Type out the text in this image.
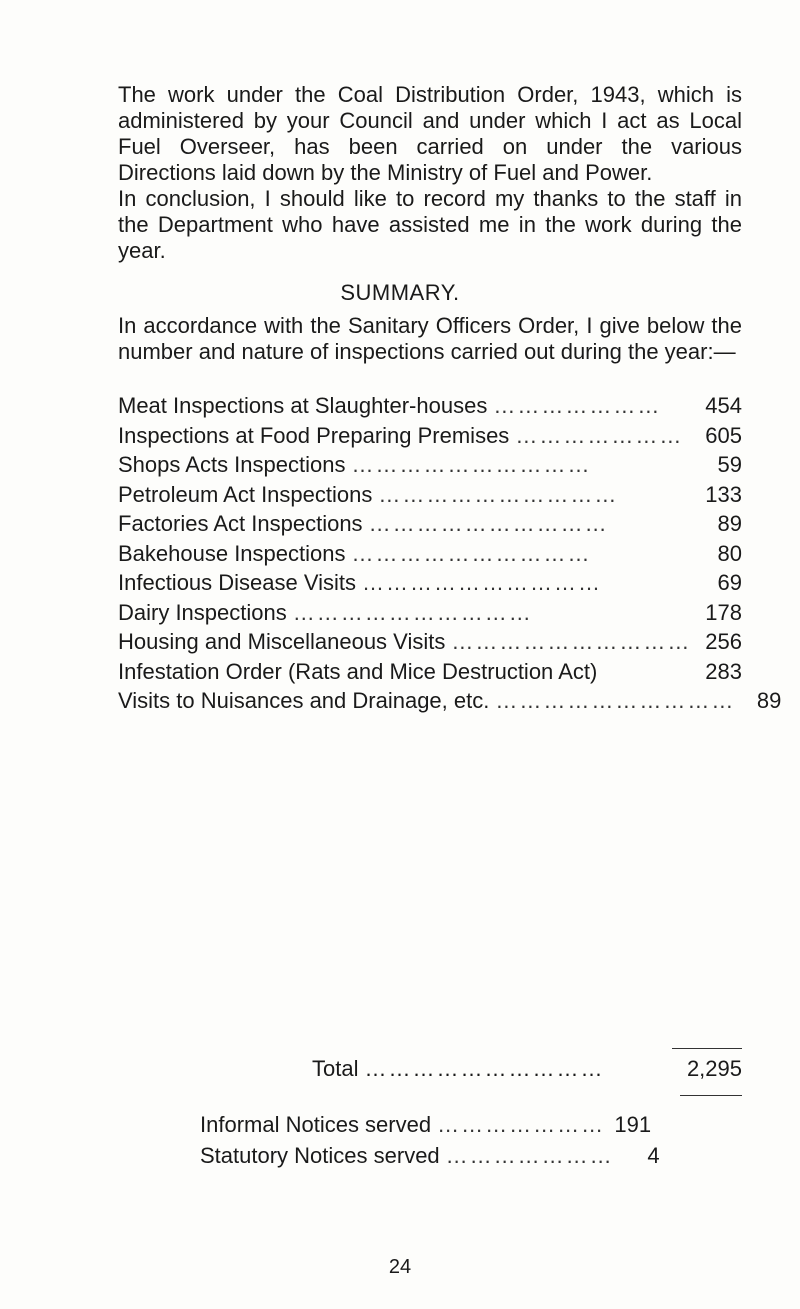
The work under the Coal Distribution Order, 1943, which is administered by your Council and under which I act as Local Fuel Overseer, has been carried on under the various Directions laid down by the Ministry of Fuel and Power.

In conclusion, I should like to record my thanks to the staff in the Department who have assisted me in the work during the year.

SUMMARY.

In accordance with the Sanitary Officers Order, I give below the number and nature of inspections carried out during the year:—

Meat Inspections at Slaughter-houses …………………	454
Inspections at Food Preparing Premises ………………… 605
Shops Acts Inspections …………………………	59
Petroleum Act Inspections …………………………	133
Factories Act Inspections …………………………	89
Bakehouse Inspections …………………………	80
Infectious Disease Visits …………………………	69
Dairy Inspections …………………………	178
Housing and Miscellaneous Visits ………………………… 256
Infestation Order (Rats and Mice Destruction Act)	283
Visits to Nuisances and Drainage, etc. ………………………… 89
Total …………………………	2,295
Informal Notices served ………………… 191
Statutory Notices served …………………	4
24
